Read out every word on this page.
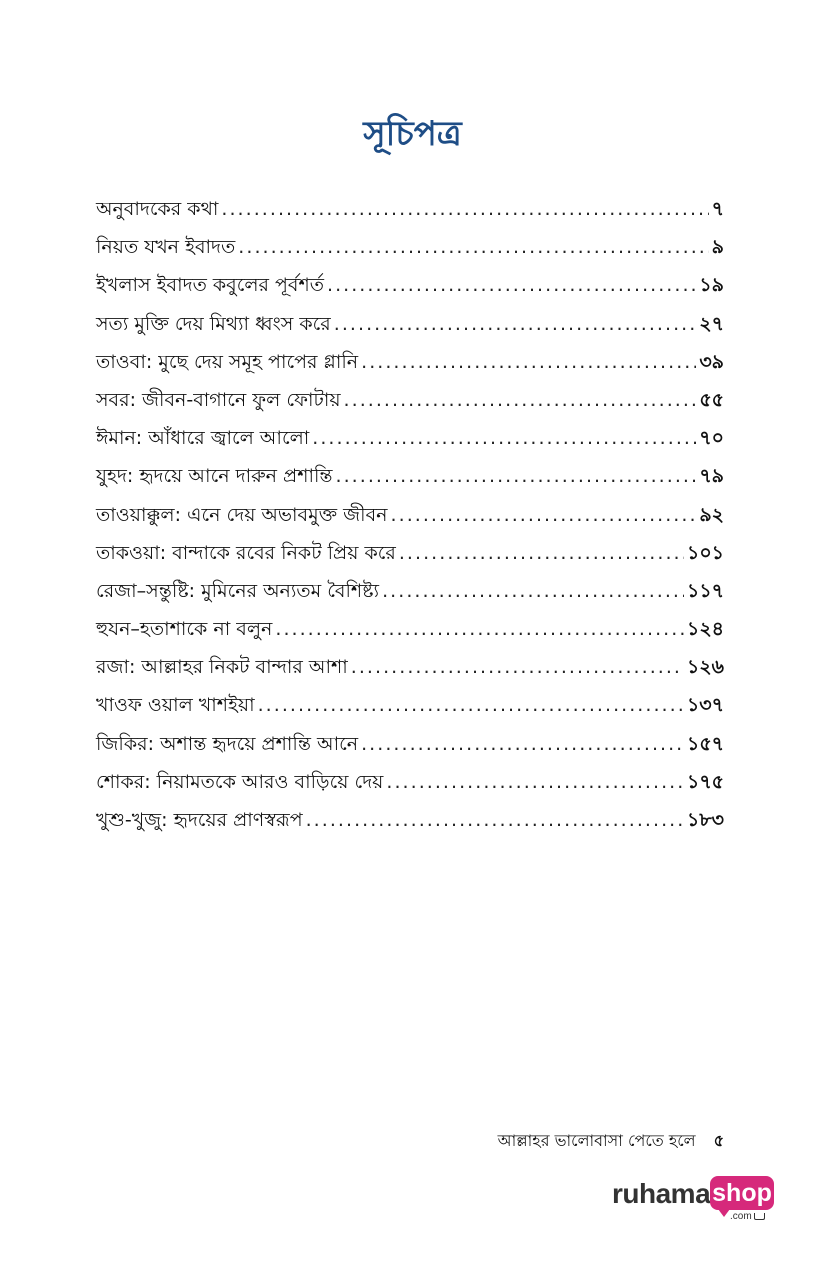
সূচিপত্র
অনুবাদকের কথা . . .	৭
নিয়ত যখন ইবাদত . . .	৯
ইখলাস ইবাদত কবুলের পূর্বশর্ত . . .	১৯
সত্য মুক্তি দেয় মিথ্যা ধ্বংস করে . . .	২৭
তাওবা: মুছে দেয় সমূহ পাপের গ্লানি . . .	৩৯
সবর: জীবন-বাগানে ফুল ফোটায় . . .	৫৫
ঈমান: আঁধারে জ্বালে আলো . . .	৭০
যুহদ: হৃদয়ে আনে দারুন প্রশান্তি . . .	৭৯
তাওয়াক্কুল: এনে দেয় অভাবমুক্ত জীবন . . .	৯২
তাকওয়া: বান্দাকে রবের নিকট প্রিয় করে . . .	১০১
রেজা–সন্তুষ্টি: মুমিনের অন্যতম বৈশিষ্ট্য . . .	১১৭
হুযন–হতাশাকে না বলুন . . .	১২৪
রজা: আল্লাহর নিকট বান্দার আশা . . .	১২৬
খাওফ ওয়াল খাশইয়া . . .	১৩৭
জিকির: অশান্ত হৃদয়ে প্রশান্তি আনে . . .	১৫৭
শোকর: নিয়ামতকে আরও বাড়িয়ে দেয় . . .	১৭৫
খুশু-খুজু: হৃদয়ের প্রাণস্বরূপ . . .	১৮৩
আল্লাহর ভালোবাসা পেতে হলে ৫
ruhama shop
.com
